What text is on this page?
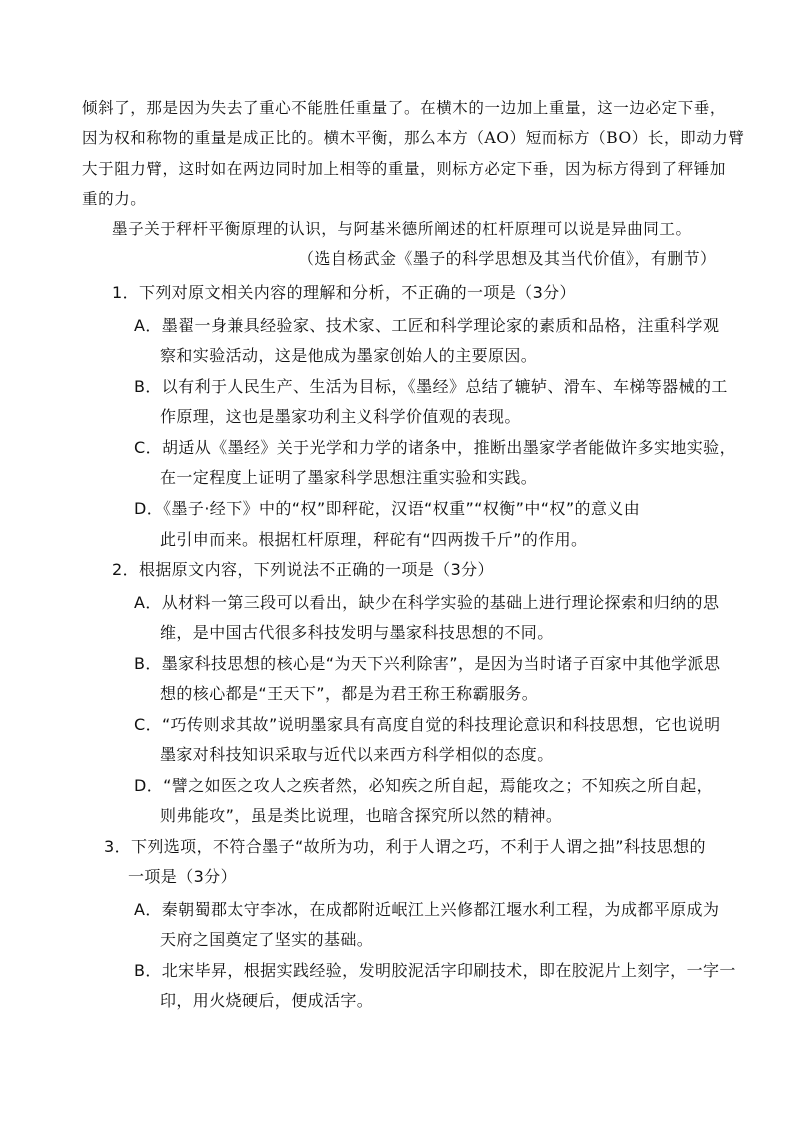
倾斜了，那是因为失去了重心不能胜任重量了。在横木的一边加上重量，这一边必定下垂，
因为权和称物的重量是成正比的。横木平衡，那么本方（AO）短而标方（BO）长，即动力臂
大于阻力臂，这时如在两边同时加上相等的重量，则标方必定下垂，因为标方得到了秤锤加
重的力。
墨子关于秤杆平衡原理的认识，与阿基米德所阐述的杠杆原理可以说是异曲同工。
（选自杨武金《墨子的科学思想及其当代价值》，有删节）
1．下列对原文相关内容的理解和分析，不正确的一项是（3分）
A．墨翟一身兼具经验家、技术家、工匠和科学理论家的素质和品格，注重科学观
察和实验活动，这是他成为墨家创始人的主要原因。
B．以有利于人民生产、生活为目标，《墨经》总结了辘轳、滑车、车梯等器械的工
作原理，这也是墨家功利主义科学价值观的表现。
C．胡适从《墨经》关于光学和力学的诸条中，推断出墨家学者能做许多实地实验，
在一定程度上证明了墨家科学思想注重实验和实践。
D．《墨子·经下》中的“权”即秤砣，汉语“权重”“权衡”中“权”的意义由
此引申而来。根据杠杆原理，秤砣有“四两拨千斤”的作用。
2．根据原文内容，下列说法不正确的一项是（3分）
A．从材料一第三段可以看出，缺少在科学实验的基础上进行理论探索和归纳的思
维，是中国古代很多科技发明与墨家科技思想的不同。
B．墨家科技思想的核心是“为天下兴利除害”，是因为当时诸子百家中其他学派思
想的核心都是“王天下”，都是为君王称王称霸服务。
C．“巧传则求其故”说明墨家具有高度自觉的科技理论意识和科技思想，它也说明
墨家对科技知识采取与近代以来西方科学相似的态度。
D．“譬之如医之攻人之疾者然，必知疾之所自起，焉能攻之；不知疾之所自起，
则弗能攻”，虽是类比说理，也暗含探究所以然的精神。
3．下列选项，不符合墨子“故所为功，利于人谓之巧，不利于人谓之拙”科技思想的
一项是（3分）
A．秦朝蜀郡太守李冰，在成都附近岷江上兴修都江堰水利工程，为成都平原成为
天府之国奠定了坚实的基础。
B．北宋毕昇，根据实践经验，发明胶泥活字印刷技术，即在胶泥片上刻字，一字一
印，用火烧硬后，便成活字。
